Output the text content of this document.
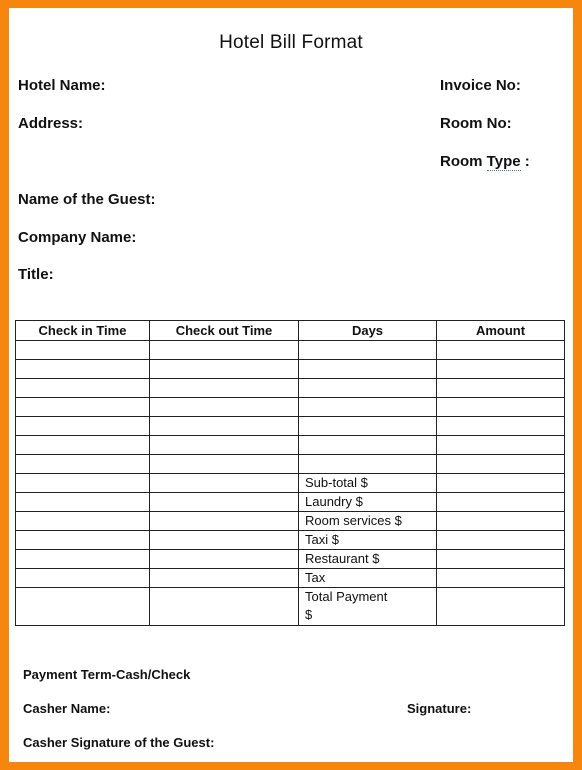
Hotel Bill Format
Hotel Name:
Address:
Name of the Guest:
Company Name:
Title:
Invoice No:
Room No:
Room Type :
Check in Time	Check out Time	Days	Amount

		Sub-total $	
		Laundry $	
		Room services $	
		Taxi $	
		Restaurant $	
		Tax	

		Total Payment
$	

Payment Term-Cash/Check
Casher Name:	Signature:
Casher Signature of the Guest:
